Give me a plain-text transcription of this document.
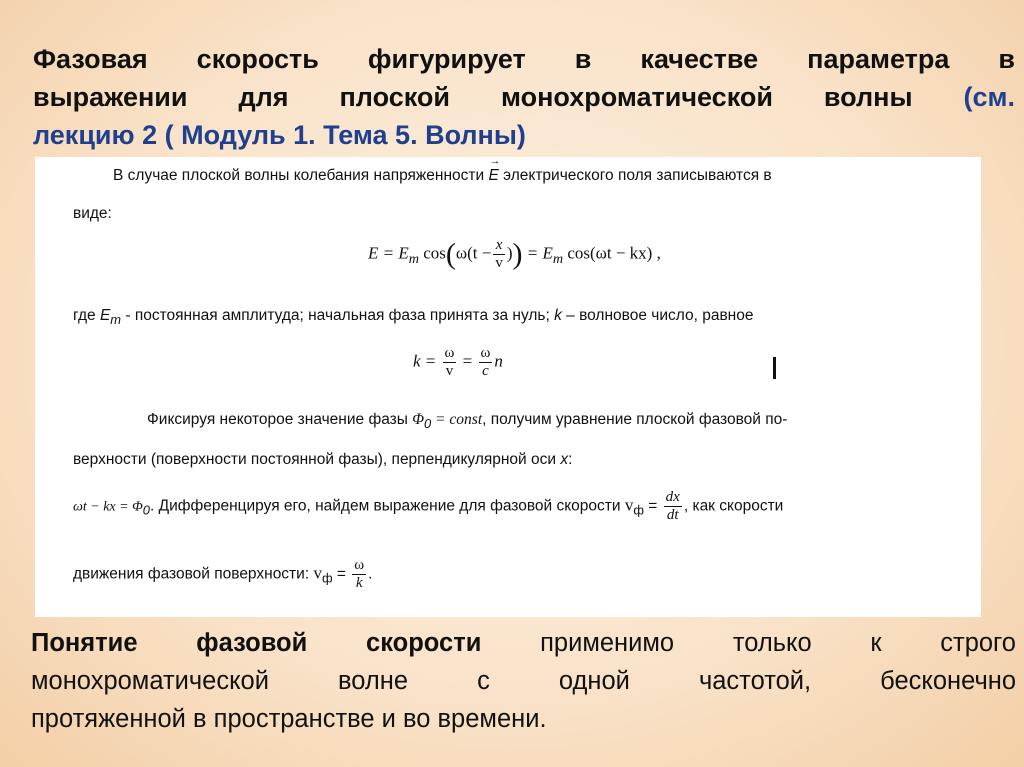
Фазовая скорость фигурирует в качестве параметра в
выражении для плоской монохроматической волны (см.
лекцию 2 ( Модуль 1. Тема 5. Волны)
В случае плоской волны колебания напряженности → E электрического поля записываются в
виде:
$E = E_m$ $\cos(\omega(t - \frac{x}{v}$ )) = $E_m$ cos(ωt − kx) ,
где $E_m$ - постоянная амплитуда; начальная фаза принята за нуль; k – волновое число, равное
$k = \frac{\omega}{v} = \frac{\omega}{c}$ n
Фиксируя некоторое значение фазы $\Phi_0$ = const, получим уравнение плоской фазовой по-
верхности (поверхности постоянной фазы), перпендикулярной оси x:
ωt − kx = $\Phi_0$. Дифференцируя его, найдем выражение для фазовой скорости $v_ф = \frac{dx}{dt}$ , как скорости
движения фазовой поверхности: $v_ф = \frac{\omega}{k}$ .
Понятие фазовой скорости применимо только к строго
монохроматической волне с одной частотой, бесконечно
протяженной в пространстве и во времени.
